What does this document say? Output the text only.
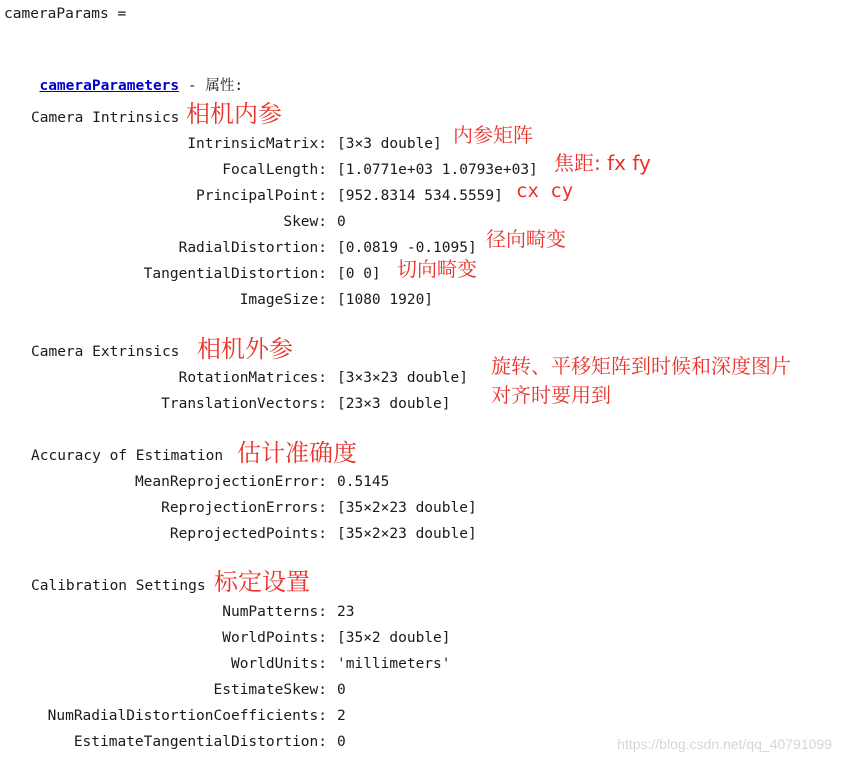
cameraParams =

cameraParameters - 属性:

Camera Intrinsics 相机内参
IntrinsicMatrix: [3×3 double] 内参矩阵
FocalLength: [1.0771e+03 1.0793e+03] 焦距: fx fy
PrincipalPoint: [952.8314 534.5559] cx cy
Skew: 0
RadialDistortion: [0.0819 -0.1095] 径向畸变
TangentialDistortion: [0 0] 切向畸变
ImageSize: [1080 1920]
Camera Extrinsics 相机外参
RotationMatrices: [3×3×23 double]
TranslationVectors: [23×3 double]
旋转、平移矩阵到时候和深度图片
对齐时要用到
Accuracy of Estimation 估计准确度
MeanReprojectionError: 0.5145
ReprojectionErrors: [35×2×23 double]
ReprojectedPoints: [35×2×23 double]
Calibration Settings 标定设置
NumPatterns: 23
WorldPoints: [35×2 double]
WorldUnits: 'millimeters'
EstimateSkew: 0
NumRadialDistortionCoefficients: 2
EstimateTangentialDistortion: 0	https://blog.csdn.net/qq_40791099
